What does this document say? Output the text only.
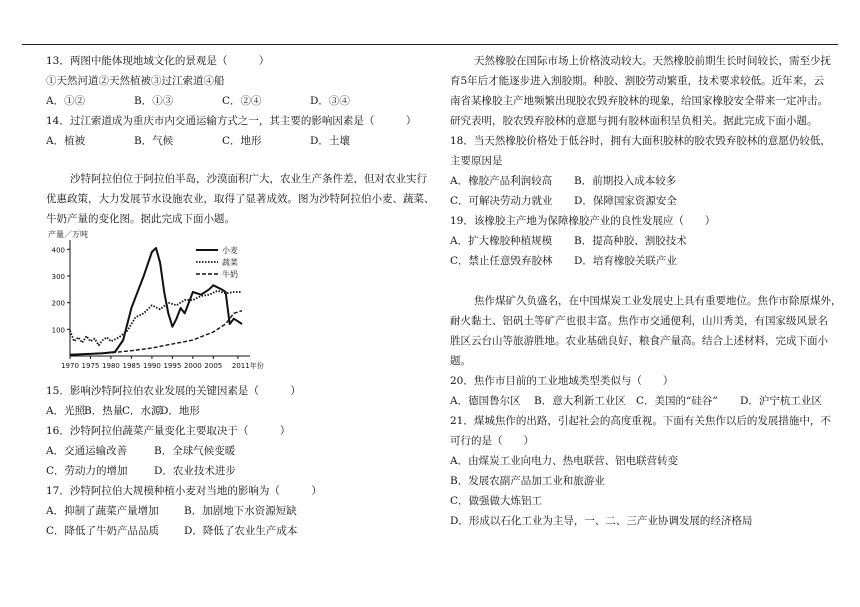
13．两图中能体现地域文化的景观是（　　　）
①天然河道②天然植被③过江索道④船
A．①②	B．①③	C．②④	D．③④
14．过江索道成为重庆市内交通运输方式之一，其主要的影响因素是（　　　）
A．植被	B．气候	C．地形	D．土壤
沙特阿拉伯位于阿拉伯半岛，沙漠面积广大，农业生产条件差，但对农业实行
优惠政策，大力发展节水设施农业，取得了显著成效。图为沙特阿拉伯小麦、蔬菜、
牛奶产量的变化图。据此完成下面小题。
产量／万吨
400
300
200
100
1970 1975 1980 1985 1990 1995 2000 2005 2011年份
小麦
蔬菜
牛奶
15．影响沙特阿拉伯农业发展的关键因素是（　　　）
A．光照
B．热量
C．水源
D．地形
16．沙特阿拉伯蔬菜产量变化主要取决于（　　　）
A．交通运输改善	B．全球气候变暖
C．劳动力的增加	D．农业技术进步
17．沙特阿拉伯大规模种植小麦对当地的影响为（　　　）
A．抑制了蔬菜产量增加 B．加剧地下水资源短缺
C．降低了牛奶产品品质 D．降低了农业生产成本
天然橡胶在国际市场上价格波动较大。天然橡胶前期生长时间较长，需至少抚
育5年后才能逐步进入割胶期。种胶、割胶劳动繁重，技术要求较低。近年来，云
南省某橡胶主产地频繁出现胶农毁弃胶林的现象，给国家橡胶安全带来一定冲击。
研究表明，胶农毁弃胶林的意愿与拥有胶林面积呈负相关。据此完成下面小题。
18．当天然橡胶价格处于低谷时，拥有大面积胶林的胶农毁弃胶林的意愿仍较低，
主要原因是
A．橡胶产品利润较高 B．前期投入成本较多
C．可解决劳动力就业 D．保障国家资源安全
19．该橡胶主产地为保障橡胶产业的良性发展应（　　）
A．扩大橡胶种植规模 B．提高种胶、割胶技术
C．禁止任意毁弃胶林 D．培育橡胶关联产业
焦作煤矿久负盛名，在中国煤炭工业发展史上具有重要地位。焦作市除原煤外，
耐火黏土、铝矾土等矿产也很丰富。焦作市交通便利，山川秀美，有国家级风景名
胜区云台山等旅游胜地。农业基础良好，粮食产量高。结合上述材料，完成下面小
题。
20．焦作市目前的工业地域类型类似与（　　）
A．德国鲁尔区 B．意大利新工业区 C．美国的“硅谷” D．沪宁杭工业区
21．煤城焦作的出路，引起社会的高度重视。下面有关焦作以后的发展措施中，不
可行的是（　　）
A．由煤炭工业向电力、热电联营、铝电联营转变
B．发展农副产品加工业和旅游业
C．做强做大炼铝工
D．形成以石化工业为主导，一、二、三产业协调发展的经济格局
